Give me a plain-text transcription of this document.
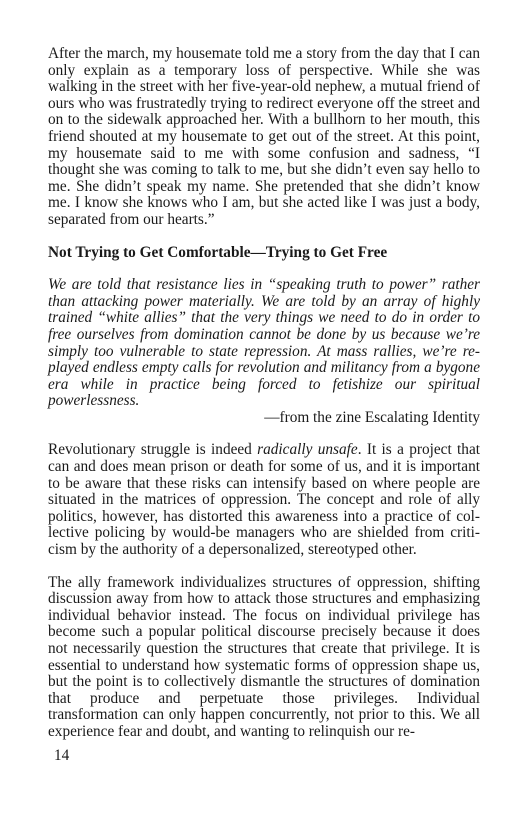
After the march, my housemate told me a story from the day that I can only explain as a temporary loss of perspective. While she was walking in the street with her five-year-old nephew, a mutual friend of ours who was frustratedly trying to redirect everyone off the street and on to the sidewalk approached her. With a bullhorn to her mouth, this friend shouted at my housemate to get out of the street. At this point, my housemate said to me with some confusion and sadness, “I thought she was coming to talk to me, but she didn’t even say hello to me. She didn’t speak my name. She pretended that she didn’t know me. I know she knows who I am, but she acted like I was just a body, separated from our hearts.”

Not Trying to Get Comfortable—Trying to Get Free

We are told that resistance lies in “speaking truth to power” rather than attacking power materially. We are told by an array of highly trained “white allies” that the very things we need to do in order to free ourselves from domination cannot be done by us because we’re simply too vulnerable to state repression. At mass rallies, we’re replayed endless empty calls for revolution and militancy from a bygone era while in practice being forced to fetishize our spiritual powerlessness.

—from the zine Escalating Identity

Revolutionary struggle is indeed radically unsafe. It is a project that can and does mean prison or death for some of us, and it is important to be aware that these risks can intensify based on where people are situated in the matrices of oppression. The concept and role of ally politics, however, has distorted this awareness into a practice of collective policing by would-be managers who are shielded from criticism by the authority of a depersonalized, stereotyped other.

The ally framework individualizes structures of oppression, shifting discussion away from how to attack those structures and emphasizing individual behavior instead. The focus on individual privilege has become such a popular political discourse precisely because it does not necessarily question the structures that create that privilege. It is essential to understand how systematic forms of oppression shape us, but the point is to collectively dismantle the structures of domination that produce and perpetuate those privileges. Individual transformation can only happen concurrently, not prior to this. We all experience fear and doubt, and wanting to relinquish our re-

14
